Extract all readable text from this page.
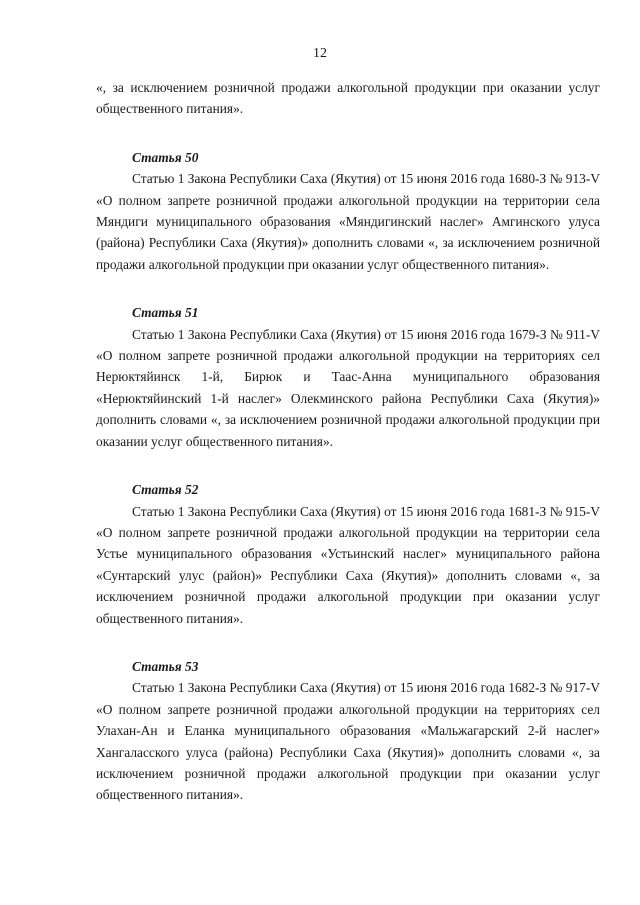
12

«, за исключением розничной продажи алкогольной продукции при оказании услуг общественного питания».

Статья 50

Статью 1 Закона Республики Саха (Якутия) от 15 июня 2016 года 1680-З № 913-V «О полном запрете розничной продажи алкогольной продукции на территории села Мяндиги муниципального образования «Мяндигинский наслег» Амгинского улуса (района) Республики Саха (Якутия)» дополнить словами «, за исключением розничной продажи алкогольной продукции при оказании услуг общественного питания».

Статья 51

Статью 1 Закона Республики Саха (Якутия) от 15 июня 2016 года 1679-З № 911-V «О полном запрете розничной продажи алкогольной продукции на территориях сел Нерюктяйинск 1-й, Бирюк и Таас-Анна муниципального образования «Нерюктяйинский 1-й наслег» Олекминского района Республики Саха (Якутия)» дополнить словами «, за исключением розничной продажи алкогольной продукции при оказании услуг общественного питания».

Статья 52

Статью 1 Закона Республики Саха (Якутия) от 15 июня 2016 года 1681-З № 915-V «О полном запрете розничной продажи алкогольной продукции на территории села Устье муниципального образования «Устьинский наслег» муниципального района «Сунтарский улус (район)» Республики Саха (Якутия)» дополнить словами «, за исключением розничной продажи алкогольной продукции при оказании услуг общественного питания».

Статья 53

Статью 1 Закона Республики Саха (Якутия) от 15 июня 2016 года 1682-З № 917-V «О полном запрете розничной продажи алкогольной продукции на территориях сел Улахан-Ан и Еланка муниципального образования «Мальжагарский 2-й наслег» Хангаласского улуса (района) Республики Саха (Якутия)» дополнить словами «, за исключением розничной продажи алкогольной продукции при оказании услуг общественного питания».
